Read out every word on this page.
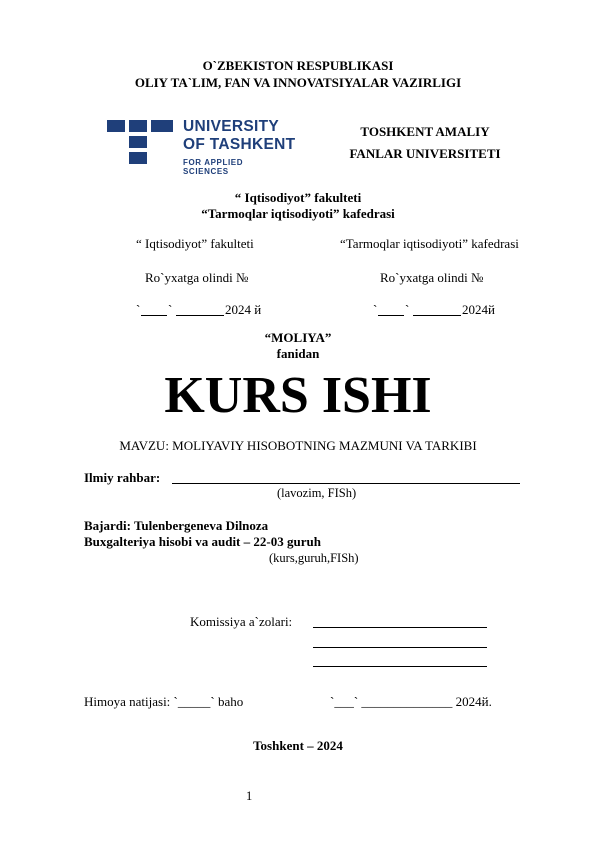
O`ZBEKISTON RESPUBLIKASI
OLIY TA`LIM, FAN VA INNOVATSIYALAR VAZIRLIGI
UNIVERSITY
OF TASHKENT
FOR APPLIED SCIENCES
TOSHKENT AMALIY
FANLAR UNIVERSITETI
“ Iqtisodiyot” fakulteti
“Tarmoqlar iqtisodiyoti” kafedrasi
“ Iqtisodiyot” fakulteti	“Tarmoqlar iqtisodiyoti” kafedrasi
Ro`yxatga olindi №	Ro`yxatga olindi №
` `	2024 й	` `	2024й
“MOLIYA”
fanidan
KURS ISHI
MAVZU: MOLIYAVIY HISOBOTNING MAZMUNI VA TARKIBI
Ilmiy rahbar:
(lavozim, FISh)
Bajardi: Tulenbergeneva Dilnoza
Buxgalteriya hisobi va audit – 22-03 guruh
(kurs,guruh,FISh)
Komissiya a`zolari:
Himoya natijasi: `_____` baho	`___` ______________ 2024й.
Toshkent – 2024
1
